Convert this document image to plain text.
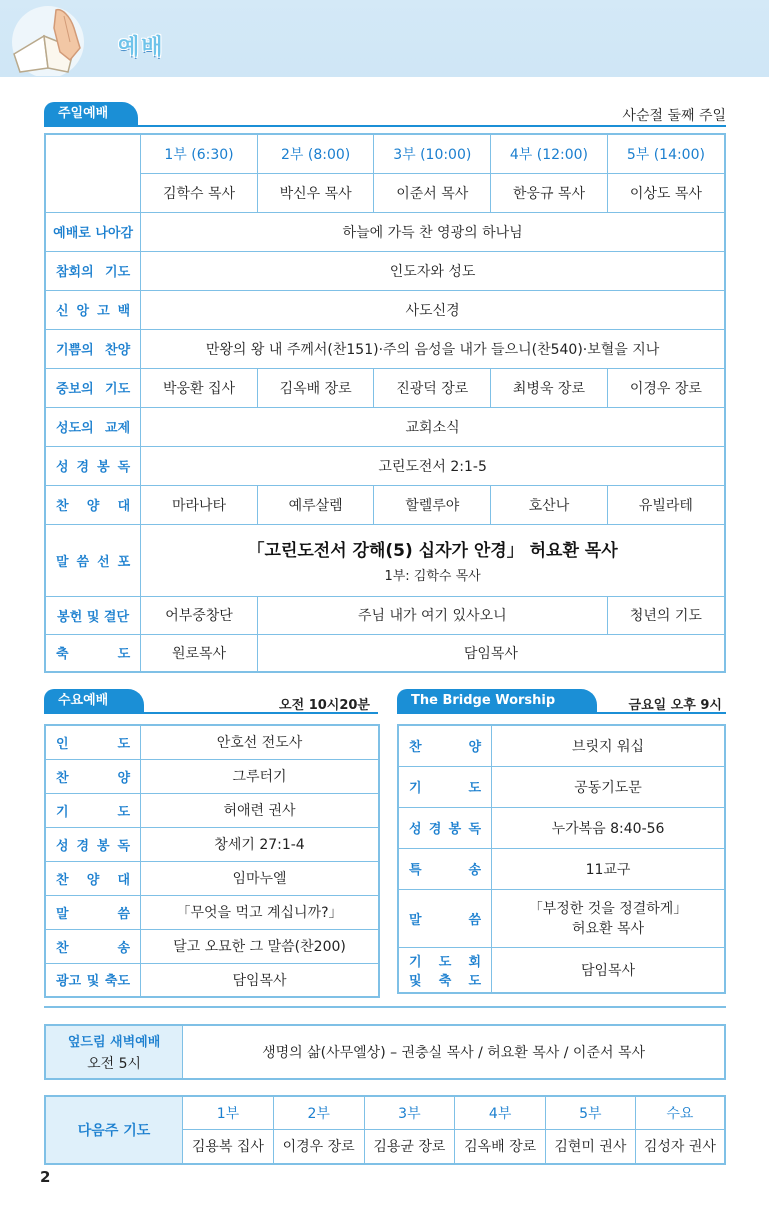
예배
주일예배	사순절 둘째 주일
	1부 (6:30)	2부 (8:00)	3부 (10:00)	4부 (12:00)	5부 (14:00)
	김학수 목사	박신우 목사	이준서 목사	한웅규 목사	이상도 목사
예배로 나아감	하늘에 가득 찬 영광의 하나님				
참회의 기도	인도자와 성도				
신 앙 고 백	사도신경				
기쁨의 찬양	만왕의 왕 내 주께서(찬151)·주의 음성을 내가 들으니(찬540)·보혈을 지나				
중보의 기도	박웅환 집사	김옥배 장로	진광덕 장로	최병욱 장로	이경우 장로
성도의 교제	교회소식				
성 경 봉 독	고린도전서 2:1-5				
찬 양 대	마라나타	예루살렘	할렐루야	호산나	유빌라테
말 씀 선 포	「고린도전서 강해(5) 십자가 안경」 허요환 목사
1부: 김학수 목사				

봉헌 및 결단	어부중창단	주님 내가 여기 있사오니			청년의 기도
축 도	원로목사	담임목사			
수요예배	오전 10시20분
인 도	안호선 전도사
찬 양	그루터기
기 도	허애련 권사
성 경 봉 독	창세기 27:1-4
찬 양 대	임마누엘
말 씀	「무엇을 먹고 계십니까?」
찬 송	달고 오묘한 그 말씀(찬200)
광고 및 축도	담임목사
The Bridge Worship	금요일 오후 9시
찬 양	브릿지 워십

기 도	공동기도문

성 경 봉 독	누가복음 8:40-56

특 송	11교구

말 씀	「부정한 것을 정결하게」
허요환 목사

기 도 회
및 축 도	담임목사
엎드림 새벽예배
오전 5시
	생명의 삶(사무엘상) – 권충실 목사 / 허요환 목사 / 이준서 목사
다음주 기도	1부	2부	3부	4부	5부	수요
	김용복 집사	이경우 장로	김용균 장로	김옥배 장로	김현미 권사	김성자 권사
2
